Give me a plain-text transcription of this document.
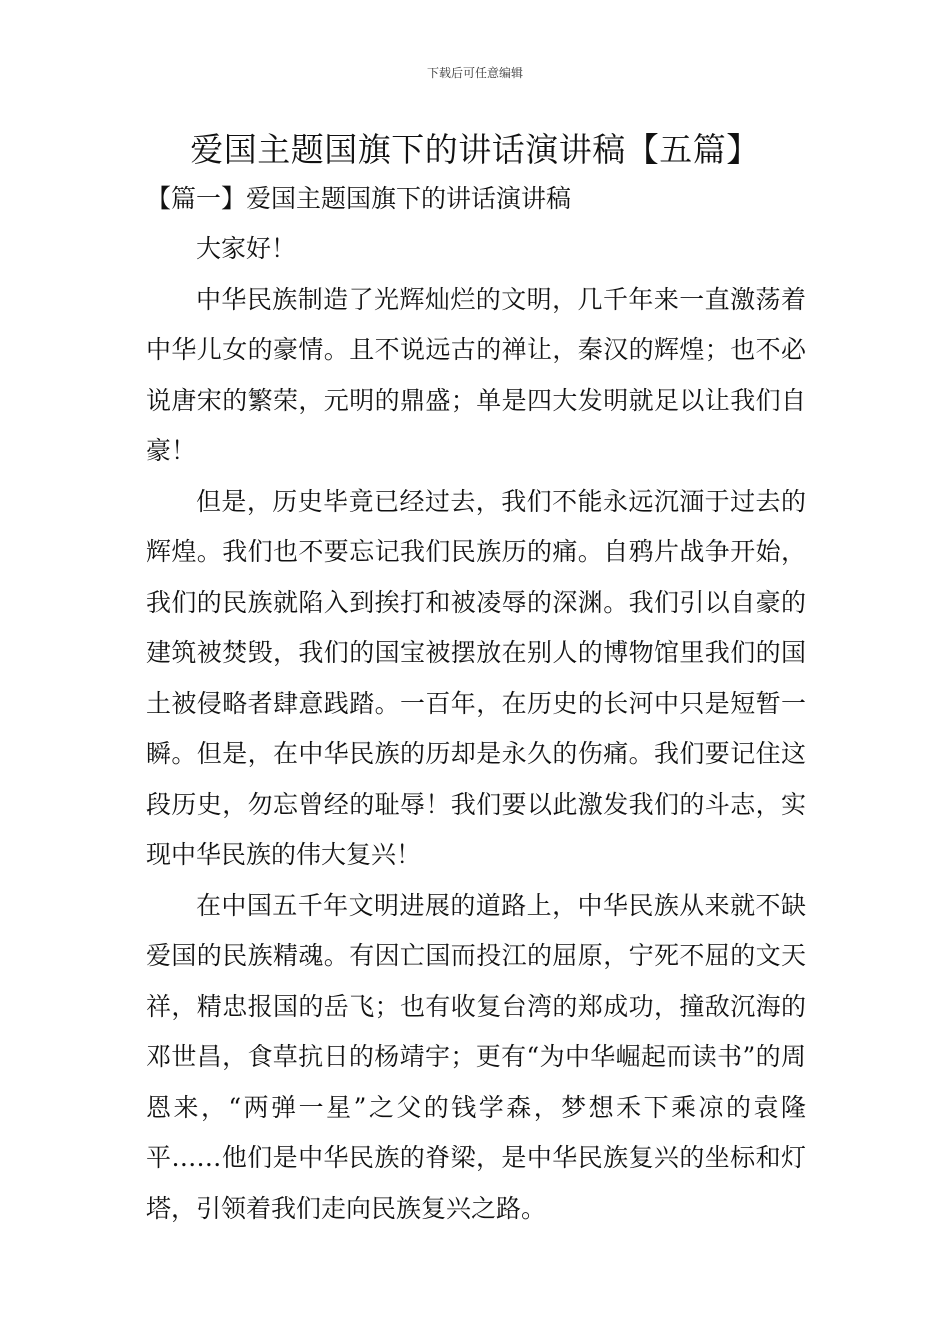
下载后可任意编辑
爱国主题国旗下的讲话演讲稿【五篇】
【篇一】爱国主题国旗下的讲话演讲稿

大家好！

中华民族制造了光辉灿烂的文明，几千年来一直激荡着中华儿女的豪情。且不说远古的禅让，秦汉的辉煌；也不必说唐宋的繁荣，元明的鼎盛；单是四大发明就足以让我们自豪！

但是，历史毕竟已经过去，我们不能永远沉湎于过去的辉煌。我们也不要忘记我们民族历的痛。自鸦片战争开始，我们的民族就陷入到挨打和被凌辱的深渊。我们引以自豪的建筑被焚毁，我们的国宝被摆放在别人的博物馆里我们的国土被侵略者肆意践踏。一百年，在历史的长河中只是短暂一瞬。但是，在中华民族的历却是永久的伤痛。我们要记住这段历史，勿忘曾经的耻辱！我们要以此激发我们的斗志，实现中华民族的伟大复兴！

在中国五千年文明进展的道路上，中华民族从来就不缺爱国的民族精魂。有因亡国而投江的屈原，宁死不屈的文天祥，精忠报国的岳飞；也有收复台湾的郑成功，撞敌沉海的邓世昌，食草抗日的杨靖宇；更有“为中华崛起而读书”的周恩来，“两弹一星”之父的钱学森，梦想禾下乘凉的袁隆平……他们是中华民族的脊梁，是中华民族复兴的坐标和灯塔，引领着我们走向民族复兴之路。
